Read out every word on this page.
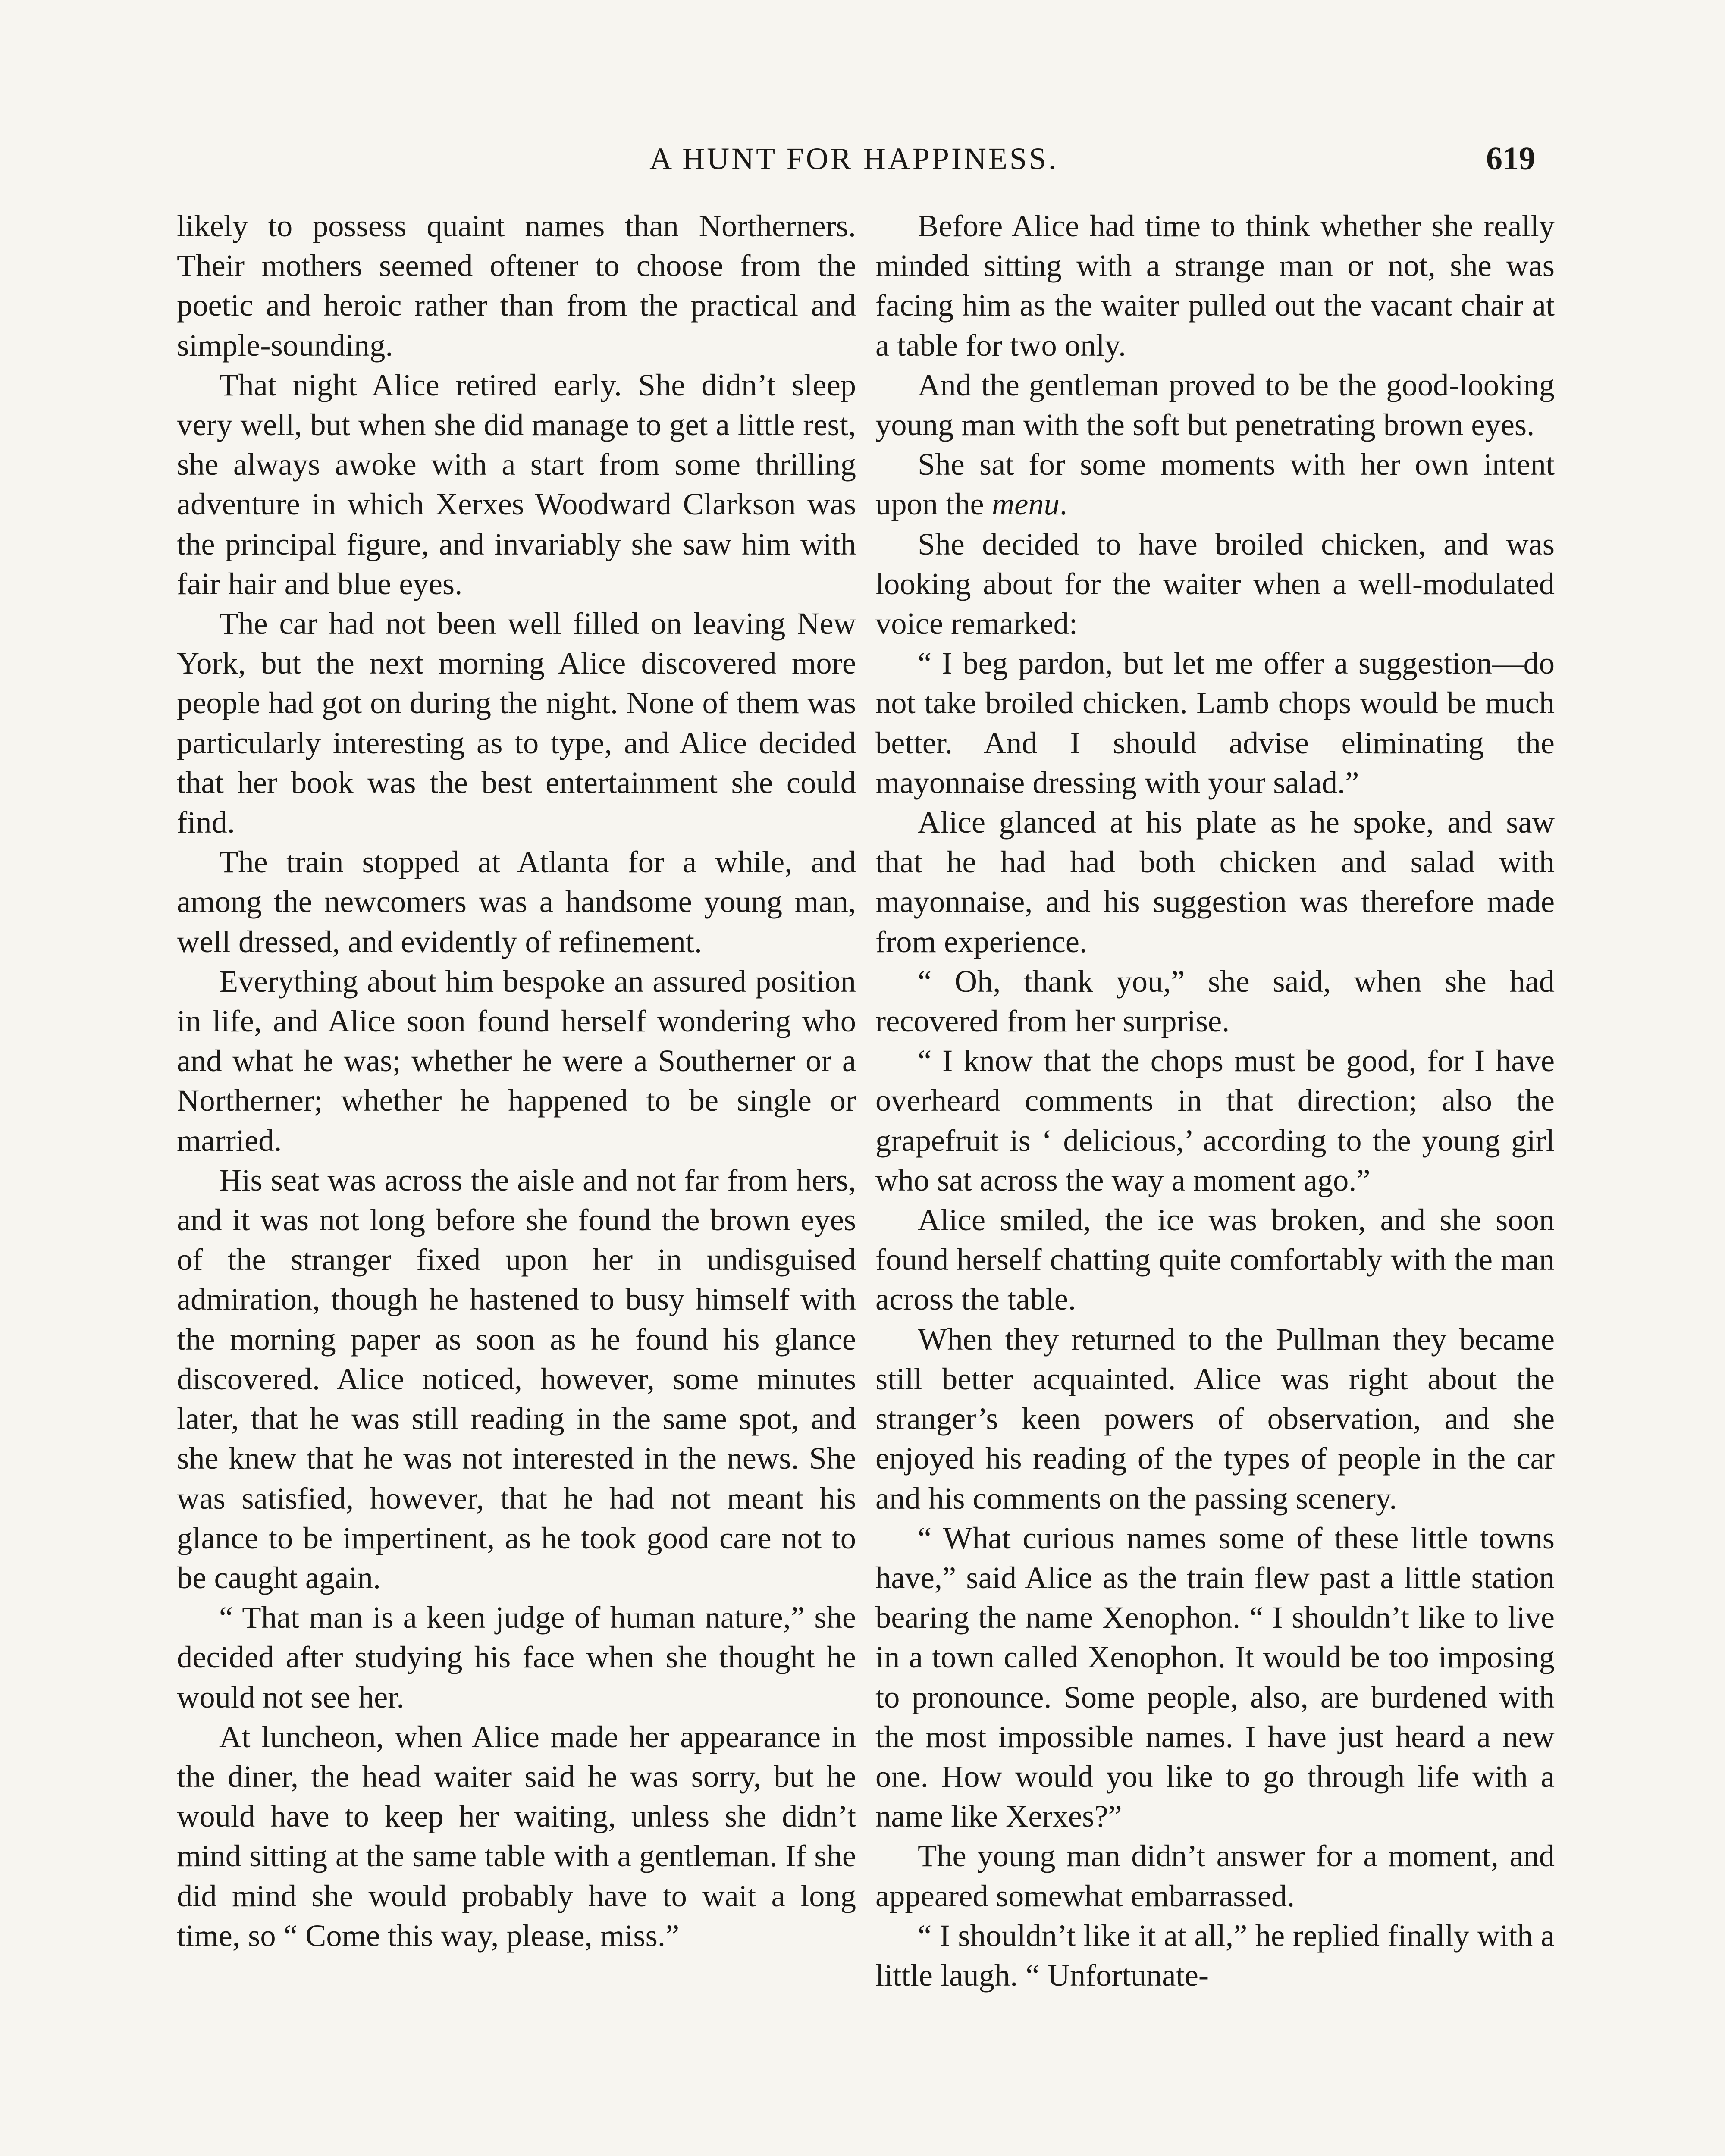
A HUNT FOR HAPPINESS.	619

likely to possess quaint names than Northerners. Their mothers seemed oftener to choose from the poetic and heroic rather than from the practical and simple-sounding.

That night Alice retired early. She didn’t sleep very well, but when she did manage to get a little rest, she always awoke with a start from some thrilling adventure in which Xerxes Woodward Clarkson was the principal figure, and invariably she saw him with fair hair and blue eyes.

The car had not been well filled on leaving New York, but the next morning Alice discovered more people had got on during the night. None of them was particularly interesting as to type, and Alice decided that her book was the best entertainment she could find.

The train stopped at Atlanta for a while, and among the newcomers was a handsome young man, well dressed, and evidently of refinement.

Everything about him bespoke an assured position in life, and Alice soon found herself wondering who and what he was; whether he were a Southerner or a Northerner; whether he happened to be single or married.

His seat was across the aisle and not far from hers, and it was not long before she found the brown eyes of the stranger fixed upon her in undisguised admiration, though he hastened to busy himself with the morning paper as soon as he found his glance discovered. Alice noticed, however, some minutes later, that he was still reading in the same spot, and she knew that he was not interested in the news. She was satisfied, however, that he had not meant his glance to be impertinent, as he took good care not to be caught again.

“ That man is a keen judge of human nature,” she decided after studying his face when she thought he would not see her.

At luncheon, when Alice made her appearance in the diner, the head waiter said he was sorry, but he would have to keep her waiting, unless she didn’t mind sitting at the same table with a gentleman. If she did mind she would probably have to wait a long time, so “ Come this way, please, miss.”

Before Alice had time to think whether she really minded sitting with a strange man or not, she was facing him as the waiter pulled out the vacant chair at a table for two only.

And the gentleman proved to be the good-looking young man with the soft but penetrating brown eyes.

She sat for some moments with her own intent upon the menu.

She decided to have broiled chicken, and was looking about for the waiter when a well-modulated voice remarked:

“ I beg pardon, but let me offer a suggestion—do not take broiled chicken. Lamb chops would be much better. And I should advise eliminating the mayonnaise dressing with your salad.”

Alice glanced at his plate as he spoke, and saw that he had had both chicken and salad with mayonnaise, and his suggestion was therefore made from experience.

“ Oh, thank you,” she said, when she had recovered from her surprise.

“ I know that the chops must be good, for I have overheard comments in that direction; also the grapefruit is ‘ delicious,’ according to the young girl who sat across the way a moment ago.”

Alice smiled, the ice was broken, and she soon found herself chatting quite comfortably with the man across the table.

When they returned to the Pullman they became still better acquainted. Alice was right about the stranger’s keen powers of observation, and she enjoyed his reading of the types of people in the car and his comments on the passing scenery.

“ What curious names some of these little towns have,” said Alice as the train flew past a little station bearing the name Xenophon. “ I shouldn’t like to live in a town called Xenophon. It would be too imposing to pronounce. Some people, also, are burdened with the most impossible names. I have just heard a new one. How would you like to go through life with a name like Xerxes?”

The young man didn’t answer for a moment, and appeared somewhat embarrassed.

“ I shouldn’t like it at all,” he replied finally with a little laugh. “ Unfortunate-
